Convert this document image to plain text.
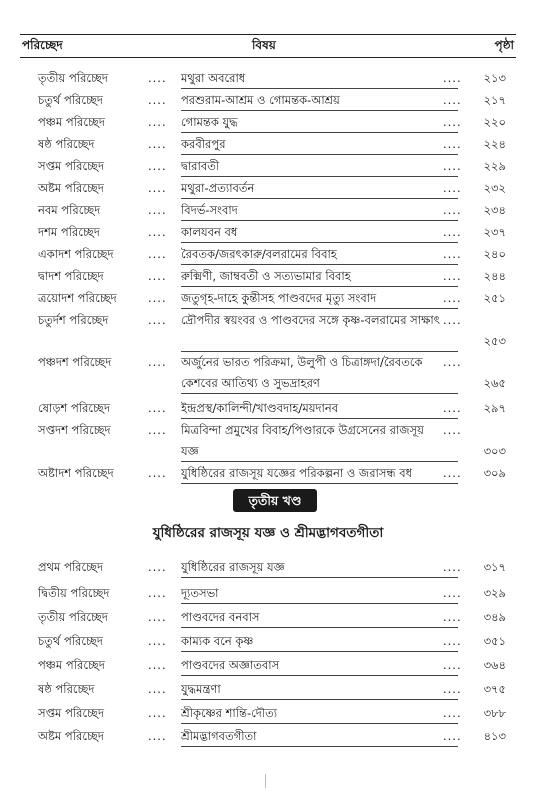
পরিচ্ছেদ	বিষয়	পৃষ্ঠা
তৃতীয় পরিচ্ছেদ	.... মথুরা অবরোধ	.... ২১৩
চতুর্থ পরিচ্ছেদ	.... পরশুরাম-আশ্রম ও গোমন্তক-আশ্রয়	.... ২১৭
পঞ্চম পরিচ্ছেদ	.... গোমন্তক যুদ্ধ	.... ২২০
ষষ্ঠ পরিচ্ছেদ	.... করবীরপুর	.... ২২৪
সপ্তম পরিচ্ছেদ	.... দ্বারাবতী	.... ২২৯
অষ্টম পরিচ্ছেদ	.... মথুরা-প্রত্যাবর্তন	.... ২৩২
নবম পরিচ্ছেদ	.... বিদর্ভ-সংবাদ	.... ২৩৪
দশম পরিচ্ছেদ	.... কালযবন বধ	.... ২৩৭
একাদশ পরিচ্ছেদ	.... রৈবতক/জরৎকারু/বলরামের বিবাহ	.... ২৪০
দ্বাদশ পরিচ্ছেদ	.... রুক্মিণী, জাম্ববতী ও সত্যভামার বিবাহ	.... ২৪৪
ত্রয়োদশ পরিচ্ছেদ	.... জতুগৃহ-দাহে কুন্তীসহ পাণ্ডবদের মৃত্যু সংবাদ	.... ২৫১
চতুর্দশ পরিচ্ছেদ	.... দ্রৌপদীর স্বয়ংবর ও পাণ্ডবদের সঙ্গে কৃষ্ণ-বলরামের সাক্ষাৎ ....
২৫৩
পঞ্চদশ পরিচ্ছেদ	.... অর্জুনের ভারত পরিক্রমা, উলুপী ও চিত্রাঙ্গদা/রৈবতকে কেশবের আতিথ্য ও সুভদ্রাহরণ
....
২৬৫
ষোড়শ পরিচ্ছেদ	.... ইন্দ্রপ্রস্থ/কালিন্দী/খাণ্ডবদাহ/ময়দানব	.... ২৯৭
সপ্তদশ পরিচ্ছেদ	.... মিত্রবিন্দা প্রমুখের বিবাহ/পিণ্ডারকে উগ্রসেনের রাজসূয় যজ্ঞ
....
৩০৩
অষ্টাদশ পরিচ্ছেদ	.... যুধিষ্ঠিরের রাজসূয় যজ্ঞের পরিকল্পনা ও জরাসন্ধ বধ	.... ৩০৯
তৃতীয় খণ্ড
যুধিষ্ঠিরের রাজসূয় যজ্ঞ ও শ্রীমদ্ভাগবতগীতা
প্রথম পরিচ্ছেদ	.... যুধিষ্ঠিরের রাজসূয় যজ্ঞ	.... ৩১৭
দ্বিতীয় পরিচ্ছেদ	.... দ্যূতসভা	.... ৩২৯
তৃতীয় পরিচ্ছেদ	.... পাণ্ডবদের বনবাস	.... ৩৪৯
চতুর্থ পরিচ্ছেদ	.... কাম্যক বনে কৃষ্ণ	.... ৩৫১
পঞ্চম পরিচ্ছেদ	.... পাণ্ডবদের অজ্ঞাতবাস	.... ৩৬৪
ষষ্ঠ পরিচ্ছেদ	.... যুদ্ধমন্ত্রণা	.... ৩৭৫
সপ্তম পরিচ্ছেদ	.... শ্রীকৃষ্ণের শান্তি-দৌত্য	.... ৩৮৮
অষ্টম পরিচ্ছেদ	.... শ্রীমদ্ভাগবতগীতা	.... ৪১৩
